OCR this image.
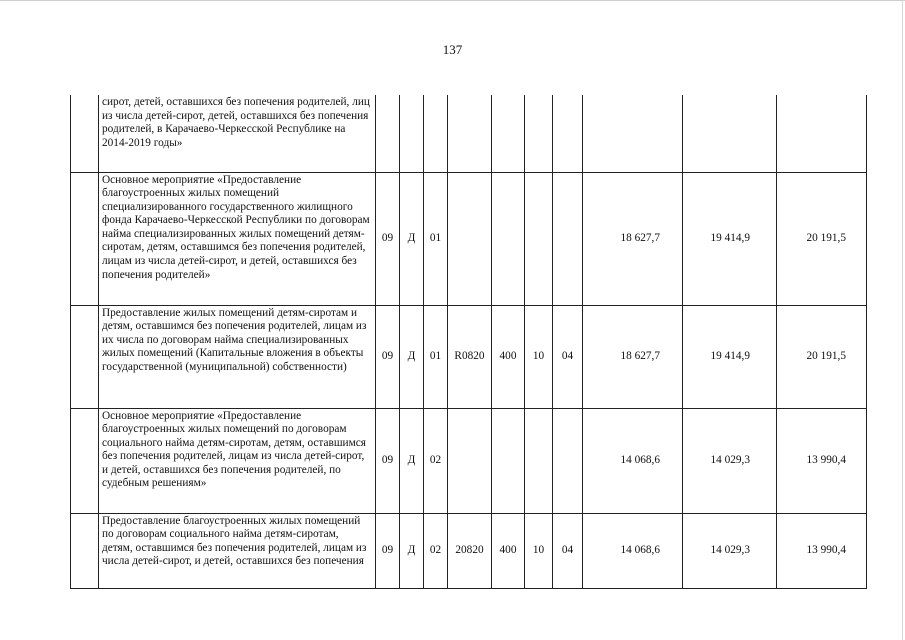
137

	сирот, детей, оставшихся без попечения родителей, лиц из числа детей-сирот, детей, оставшихся без попечения родителей, в Карачаево-Черкесской Республике на 2014-2019 годы»										

	Основное мероприятие «Предоставление благоустроенных жилых помещений специализированного государственного жилищного фонда Карачаево-Черкесской Республики по договорам найма специализированных жилых помещений детям-сиротам, детям, оставшимся без попечения родителей, лицам из числа детей-сирот, и детей, оставшихся без попечения родителей»	09	Д	01					18 627,7	19 414,9	20 191,5

	Предоставление жилых помещений детям-сиротам и детям, оставшимся без попечения родителей, лицам из их числа по договорам найма специализированных жилых помещений (Капитальные вложения в объекты государственной (муниципальной) собственности)	09	Д	01	R0820	400	10	04	18 627,7	19 414,9	20 191,5

	Основное мероприятие «Предоставление благоустроенных жилых помещений по договорам социального найма детям-сиротам, детям, оставшимся без попечения родителей, лицам из числа детей-сирот, и детей, оставшихся без попечения родителей, по судебным решениям»	09	Д	02					14 068,6	14 029,3	13 990,4

	Предоставление благоустроенных жилых помещений по договорам социального найма детям-сиротам, детям, оставшимся без попечения родителей, лицам из числа детей-сирот, и детей, оставшихся без попечения	09	Д	02	20820	400	10	04	14 068,6	14 029,3	13 990,4
